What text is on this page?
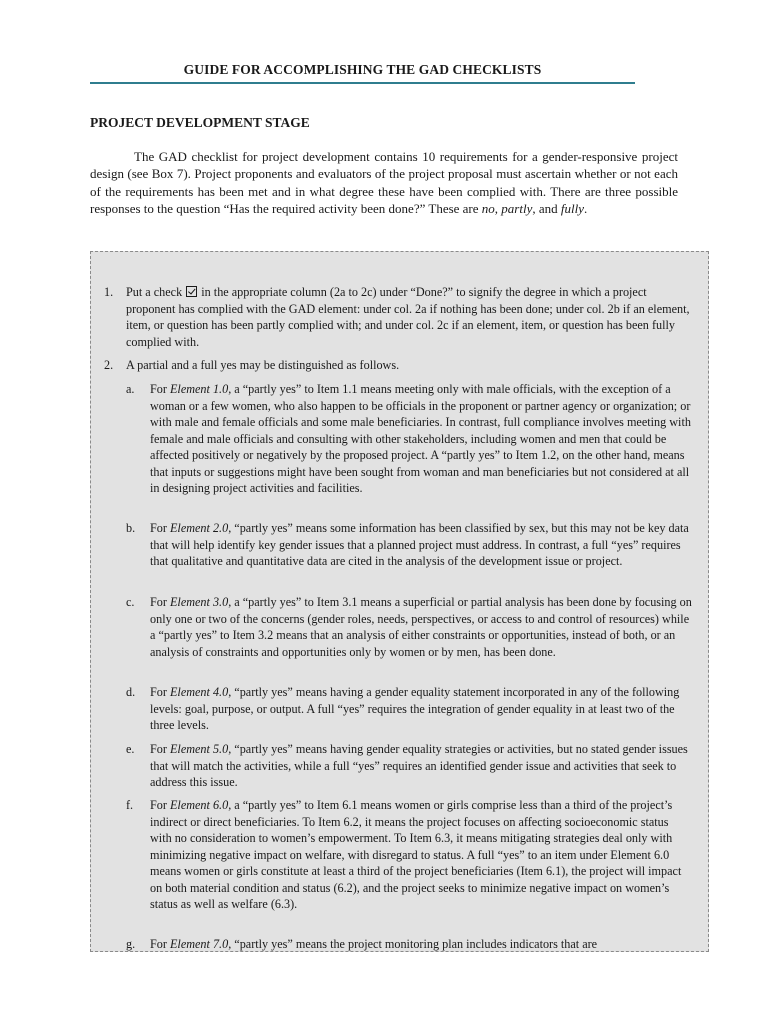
GUIDE FOR ACCOMPLISHING THE GAD CHECKLISTS
PROJECT DEVELOPMENT STAGE

The GAD checklist for project development contains 10 requirements for a gender-responsive project design (see Box 7). Project proponents and evaluators of the project proposal must ascertain whether or not each of the requirements has been met and in what degree these have been complied with. There are three possible responses to the question “Has the required activity been done?” These are no, partly, and fully.

1.	Put a check  in the appropriate column (2a to 2c) under “Done?” to signify the degree in which a project proponent has complied with the GAD element: under col. 2a if nothing has been done; under col. 2b if an element, item, or question has been partly complied with; and under col. 2c if an element, item, or question has been fully complied with.

2.	A partial and a full yes may be distinguished as follows.
a.	For Element 1.0, a “partly yes” to Item 1.1 means meeting only with male officials, with the exception of a woman or a few women, who also happen to be officials in the proponent or partner agency or organization; or with male and female officials and some male beneficiaries. In contrast, full compliance involves meeting with female and male officials and consulting with other stakeholders, including women and men that could be affected positively or negatively by the proposed project. A “partly yes” to Item 1.2, on the other hand, means that inputs or suggestions might have been sought from woman and man beneficiaries but not considered at all in designing project activities and facilities.

b.	For Element 2.0, “partly yes” means some information has been classified by sex, but this may not be key data that will help identify key gender issues that a planned project must address. In contrast, a full “yes” requires that qualitative and quantitative data are cited in the analysis of the development issue or project.

c.	For Element 3.0, a “partly yes” to Item 3.1 means a superficial or partial analysis has been done by focusing on only one or two of the concerns (gender roles, needs, perspectives, or access to and control of resources) while a “partly yes” to Item 3.2 means that an analysis of either constraints or opportunities, instead of both, or an analysis of constraints and opportunities only by women or by men, has been done.

d.	For Element 4.0, “partly yes” means having a gender equality statement incorporated in any of the following levels: goal, purpose, or output. A full “yes” requires the integration of gender equality in at least two of the three levels.

e.	For Element 5.0, “partly yes” means having gender equality strategies or activities, but no stated gender issues that will match the activities, while a full “yes” requires an identified gender issue and activities that seek to address this issue.

f.	For Element 6.0, a “partly yes” to Item 6.1 means women or girls comprise less than a third of the project’s indirect or direct beneficiaries. To Item 6.2, it means the project focuses on affecting socioeconomic status with no consideration to women’s empowerment. To Item 6.3, it means mitigating strategies deal only with minimizing negative impact on welfare, with disregard to status. A full “yes” to an item under Element 6.0 means women or girls constitute at least a third of the project beneficiaries (Item 6.1), the project will impact on both material condition and status (6.2), and the project seeks to minimize negative impact on women’s status as well as welfare (6.3).

g.	For Element 7.0, “partly yes” means the project monitoring plan includes indicators that are
